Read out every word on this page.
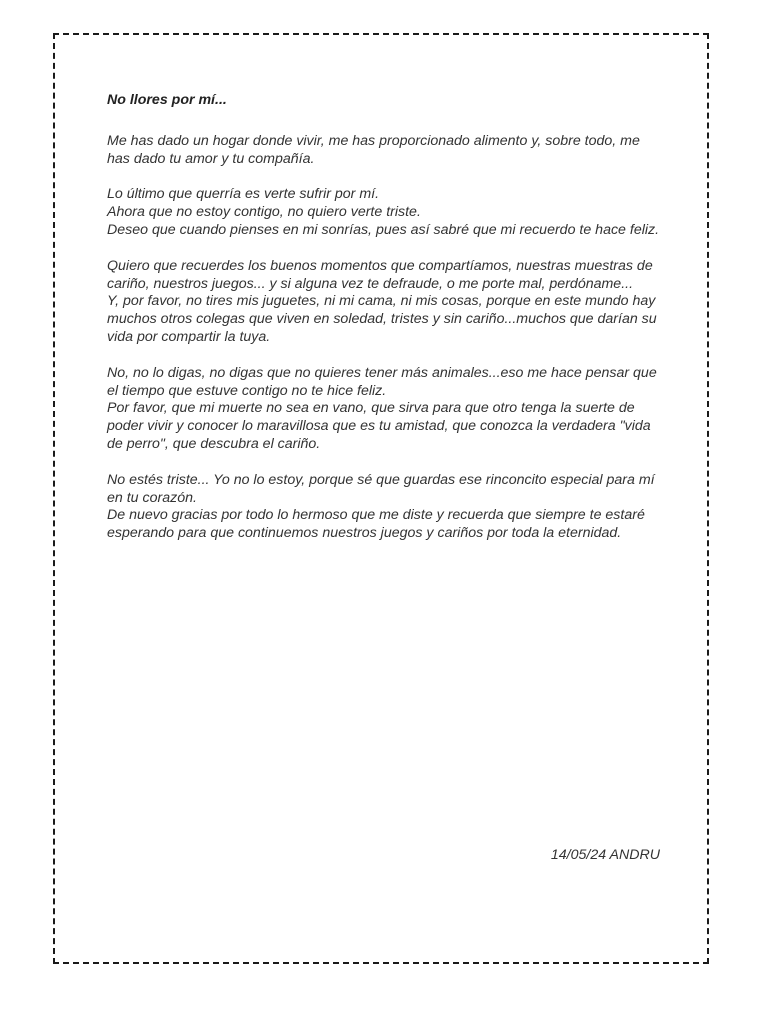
No llores por mí...
Me has dado un hogar donde vivir, me has proporcionado alimento y, sobre todo, me has dado tu amor y tu compañía.
Lo último que querría es verte sufrir por mí.
Ahora que no estoy contigo, no quiero verte triste.
Deseo que cuando pienses en mi sonrías, pues así sabré que mi recuerdo te hace feliz.
Quiero que recuerdes los buenos momentos que compartíamos, nuestras muestras de cariño, nuestros juegos... y si alguna vez te defraude, o me porte mal, perdóname...
Y, por favor, no tires mis juguetes, ni mi cama, ni mis cosas, porque en este mundo hay muchos otros colegas que viven en soledad, tristes y sin cariño...muchos que darían su vida por compartir la tuya.
No, no lo digas, no digas que no quieres tener más animales...eso me hace pensar que el tiempo que estuve contigo no te hice feliz.
Por favor, que mi muerte no sea en vano, que sirva para que otro tenga la suerte de poder vivir y conocer lo maravillosa que es tu amistad, que conozca la verdadera "vida de perro", que descubra el cariño.
No estés triste... Yo no lo estoy, porque sé que guardas ese rinconcito especial para mí en tu corazón.
De nuevo gracias por todo lo hermoso que me diste y recuerda que siempre te estaré esperando para que continuemos nuestros juegos y cariños por toda la eternidad.
14/05/24 ANDRU
